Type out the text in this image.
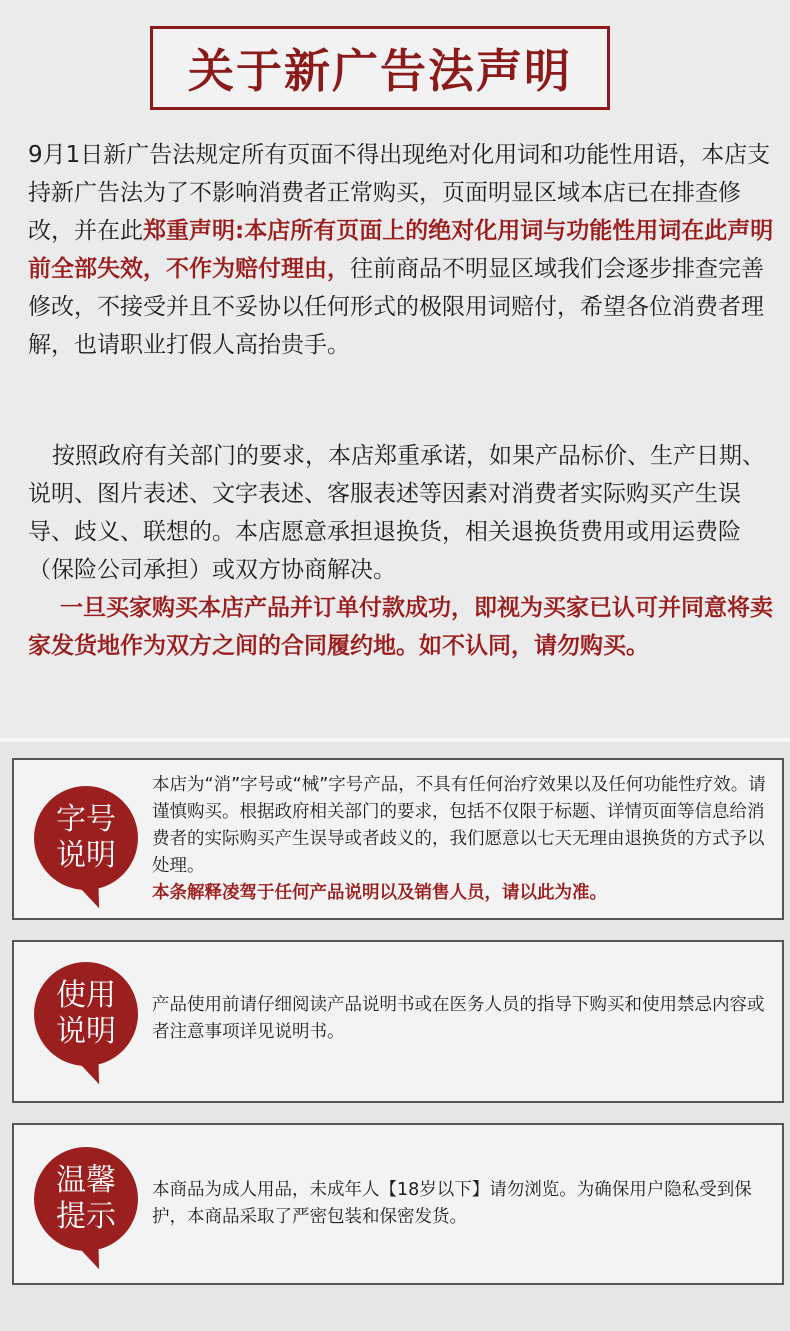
关于新广告法声明

9月1日新广告法规定所有页面不得出现绝对化用词和功能性用语，本店支持新广告法为了不影响消费者正常购买，页面明显区域本店已在排查修改，并在此郑重声明:本店所有页面上的绝对化用词与功能性用词在此声明前全部失效，不作为赔付理由，往前商品不明显区域我们会逐步排查完善修改，不接受并且不妥协以任何形式的极限用词赔付，希望各位消费者理解，也请职业打假人高抬贵手。

按照政府有关部门的要求，本店郑重承诺，如果产品标价、生产日期、说明、图片表述、文字表述、客服表述等因素对消费者实际购买产生误导、歧义、联想的。本店愿意承担退换货，相关退换货费用或用运费险（保险公司承担）或双方协商解决。

一旦买家购买本店产品并订单付款成功，即视为买家已认可并同意将卖家发货地作为双方之间的合同履约地。如不认同，请勿购买。

字号
说明

本店为“消”字号或“械”字号产品，不具有任何治疗效果以及任何功能性疗效。请谨慎购买。根据政府相关部门的要求，包括不仅限于标题、详情页面等信息给消费者的实际购买产生误导或者歧义的，我们愿意以七天无理由退换货的方式予以处理。

本条解释凌驾于任何产品说明以及销售人员，请以此为准。

使用
说明

产品使用前请仔细阅读产品说明书或在医务人员的指导下购买和使用禁忌内容或者注意事项详见说明书。

温馨
提示

本商品为成人用品，未成年人【18岁以下】请勿浏览。为确保用户隐私受到保护，本商品采取了严密包装和保密发货。
